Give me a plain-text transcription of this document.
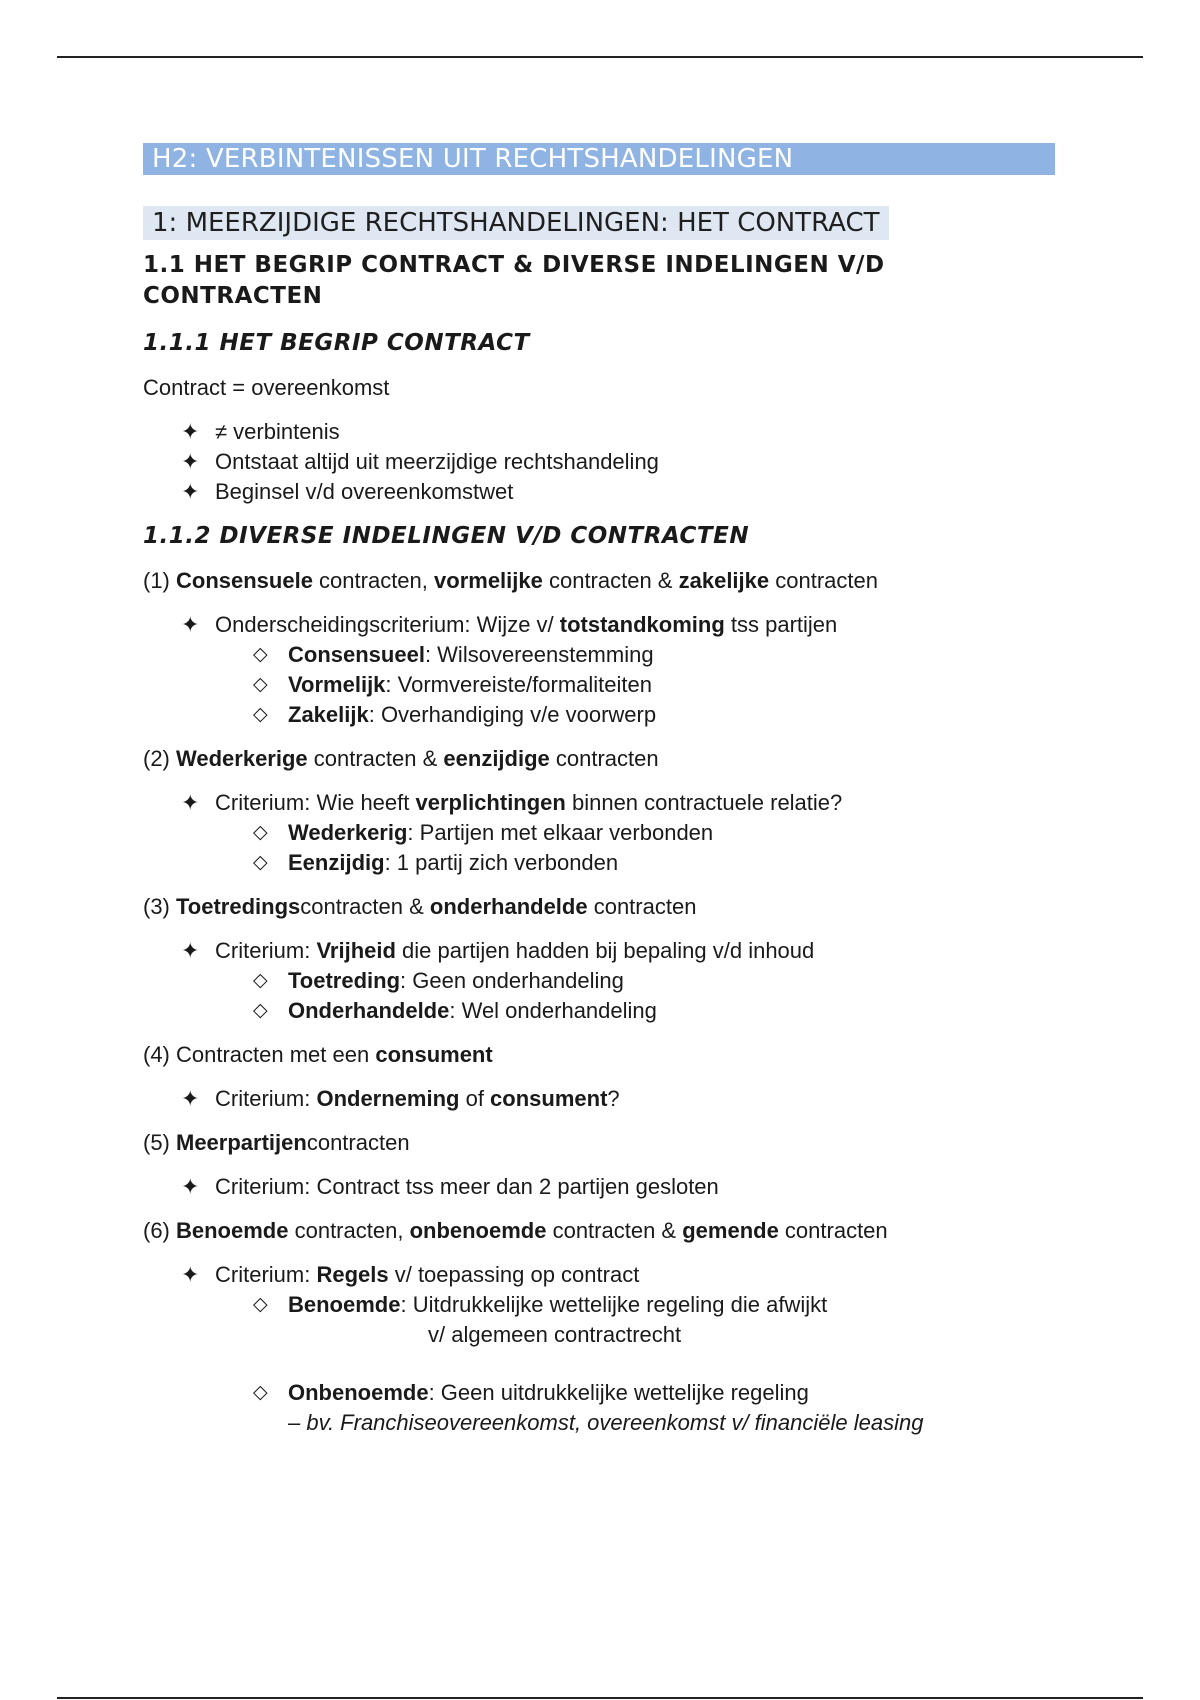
H2: VERBINTENISSEN UIT RECHTSHANDELINGEN
1: MEERZIJDIGE RECHTSHANDELINGEN: HET CONTRACT
1.1 HET BEGRIP CONTRACT & DIVERSE INDELINGEN V/D
CONTRACTEN
1.1.1 HET BEGRIP CONTRACT
Contract = overeenkomst
✦ ≠ verbintenis
✦ Ontstaat altijd uit meerzijdige rechtshandeling
✦ Beginsel v/d overeenkomstwet
1.1.2 DIVERSE INDELINGEN V/D CONTRACTEN
(1) Consensuele contracten, vormelijke contracten & zakelijke contracten
✦ Onderscheidingscriterium: Wijze v/ totstandkoming tss partijen
◇ Consensueel: Wilsovereenstemming
◇ Vormelijk: Vormvereiste/formaliteiten
◇ Zakelijk: Overhandiging v/e voorwerp
(2) Wederkerige contracten & eenzijdige contracten
✦ Criterium: Wie heeft verplichtingen binnen contractuele relatie?
◇ Wederkerig: Partijen met elkaar verbonden
◇ Eenzijdig: 1 partij zich verbonden
(3) Toetredingscontracten & onderhandelde contracten
✦ Criterium: Vrijheid die partijen hadden bij bepaling v/d inhoud
◇ Toetreding: Geen onderhandeling
◇ Onderhandelde: Wel onderhandeling
(4) Contracten met een consument
✦ Criterium: Onderneming of consument?
(5) Meerpartijencontracten
✦ Criterium: Contract tss meer dan 2 partijen gesloten
(6) Benoemde contracten, onbenoemde contracten & gemende contracten
✦ Criterium: Regels v/ toepassing op contract
◇ Benoemde: Uitdrukkelijke wettelijke regeling die afwijkt
v/ algemeen contractrecht
◇ Onbenoemde: Geen uitdrukkelijke wettelijke regeling
– bv. Franchiseovereenkomst, overeenkomst v/ financiële leasing
